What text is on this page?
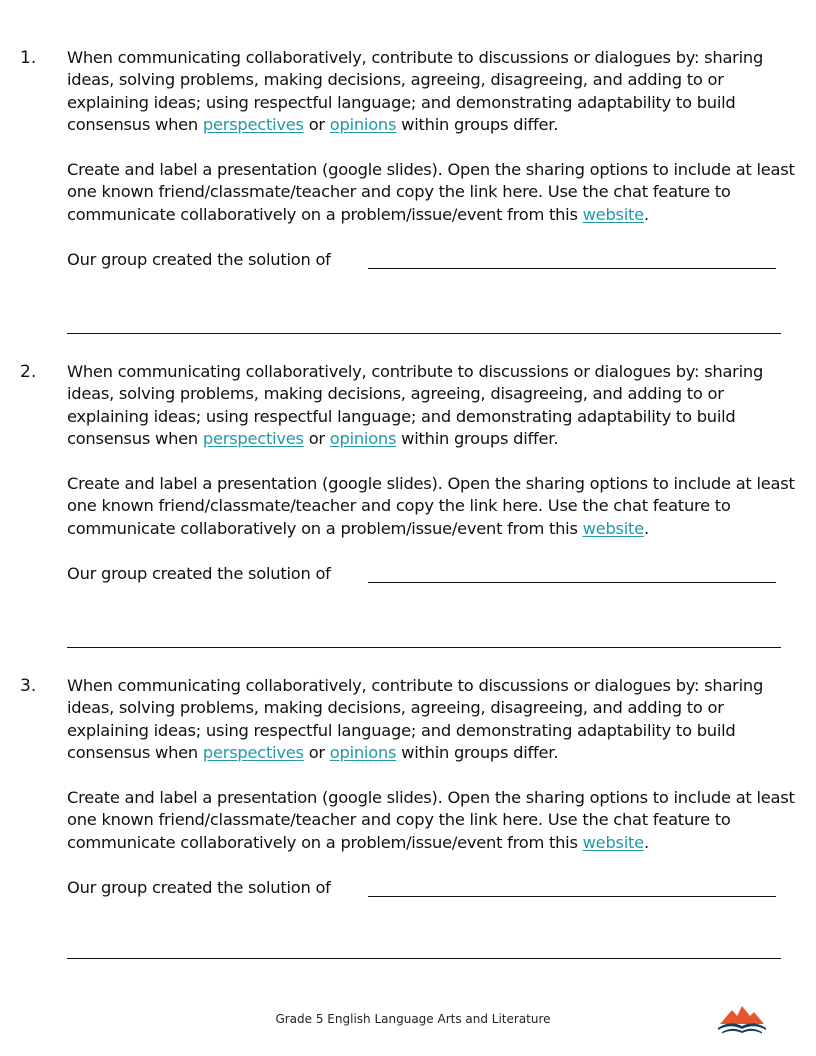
1. When communicating collaboratively, contribute to discussions or dialogues by: sharing ideas, solving problems, making decisions, agreeing, disagreeing, and adding to or explaining ideas; using respectful language; and demonstrating adaptability to build consensus when perspectives or opinions within groups differ.

Create and label a presentation (google slides). Open the sharing options to include at least one known friend/classmate/teacher and copy the link here. Use the chat feature to communicate collaboratively on a problem/issue/event from this website.

Our group created the solution of
2. When communicating collaboratively, contribute to discussions or dialogues by: sharing ideas, solving problems, making decisions, agreeing, disagreeing, and adding to or explaining ideas; using respectful language; and demonstrating adaptability to build consensus when perspectives or opinions within groups differ.

Create and label a presentation (google slides). Open the sharing options to include at least one known friend/classmate/teacher and copy the link here. Use the chat feature to communicate collaboratively on a problem/issue/event from this website.

Our group created the solution of
3. When communicating collaboratively, contribute to discussions or dialogues by: sharing ideas, solving problems, making decisions, agreeing, disagreeing, and adding to or explaining ideas; using respectful language; and demonstrating adaptability to build consensus when perspectives or opinions within groups differ.

Create and label a presentation (google slides). Open the sharing options to include at least one known friend/classmate/teacher and copy the link here. Use the chat feature to communicate collaboratively on a problem/issue/event from this website.

Our group created the solution of
Grade 5 English Language Arts and Literature
